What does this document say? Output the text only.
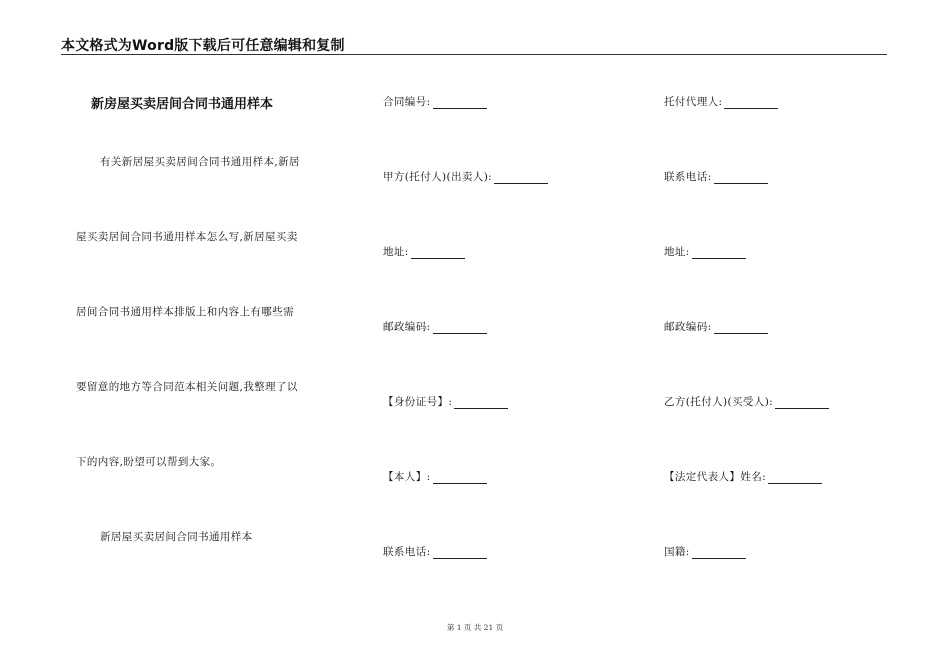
本文格式为Word版下载后可任意编辑和复制
新房屋买卖居间合同书通用样本
有关新居屋买卖居间合同书通用样本,新居
屋买卖居间合同书通用样本怎么写,新居屋买卖
居间合同书通用样本排版上和内容上有哪些需
要留意的地方等合同范本相关问题,我整理了以
下的内容,盼望可以帮到大家。
新居屋买卖居间合同书通用样本
合同编号:
甲方(托付人)(出卖人):
地址:
邮政编码:
【身份证号】:
【本人】:
联系电话:
托付代理人:
联系电话:
地址:
邮政编码:
乙方(托付人)(买受人):
【法定代表人】姓名:
国籍:
第 1 页 共 21 页
